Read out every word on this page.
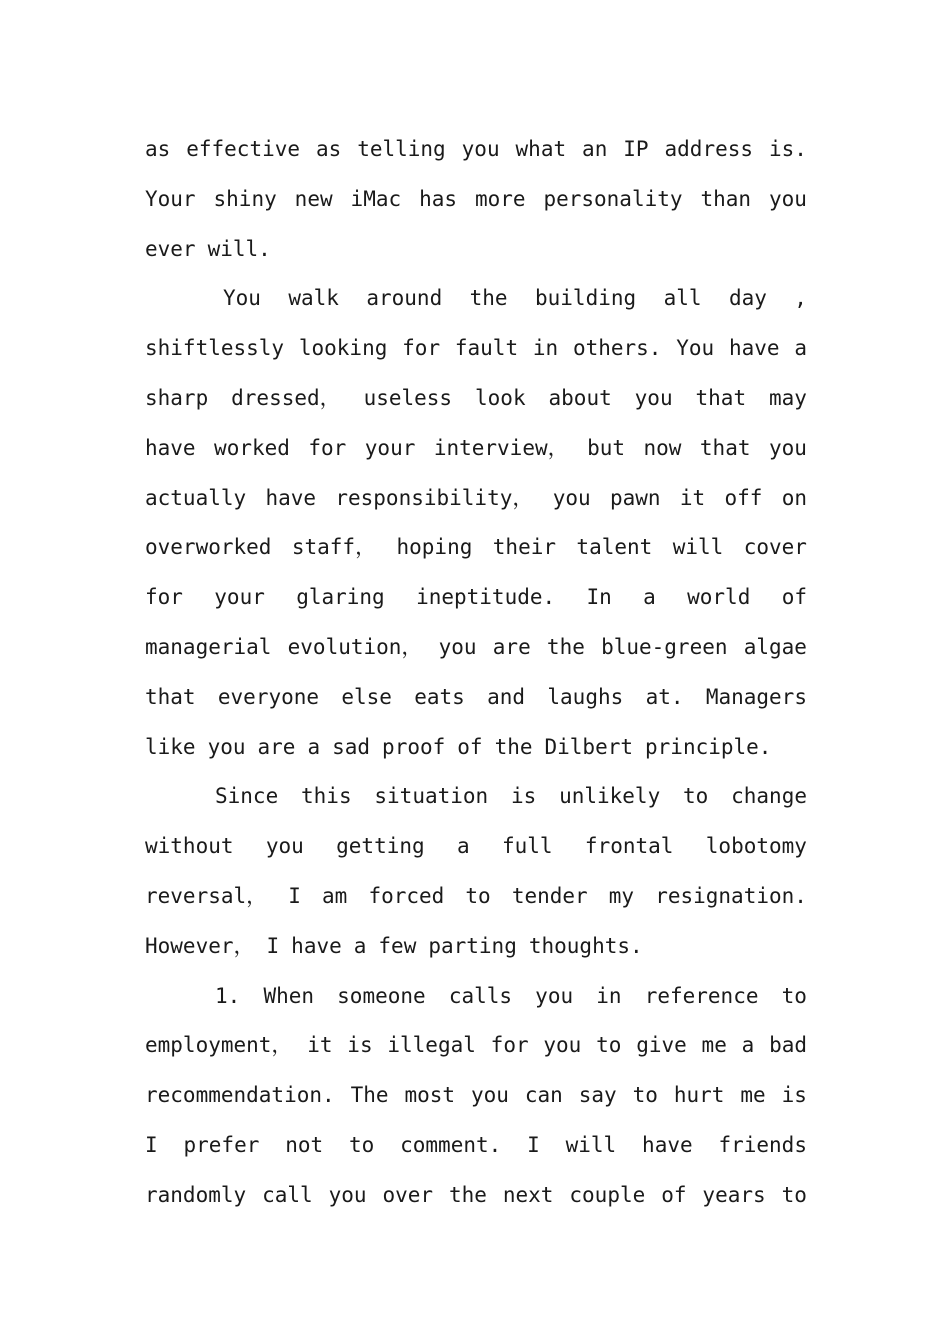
as effective as telling you what an IP address is.
Your shiny new iMac has more personality than you
ever will.
You walk around the building all day ,
shiftlessly looking for fault in others. You have a
sharp dressed， useless look about you that may
have worked for your interview， but now that you
actually have responsibility， you pawn it off on
overworked staff， hoping their talent will cover
for your glaring ineptitude. In a world of
managerial evolution， you are the blue-green algae
that everyone else eats and laughs at. Managers
like you are a sad proof of the Dilbert principle.
Since this situation is unlikely to change
without you getting a full frontal lobotomy
reversal， I am forced to tender my resignation.
However， I have a few parting thoughts.
1. When someone calls you in reference to
employment， it is illegal for you to give me a bad
recommendation. The most you can say to hurt me is
I prefer not to comment. I will have friends
randomly call you over the next couple of years to
